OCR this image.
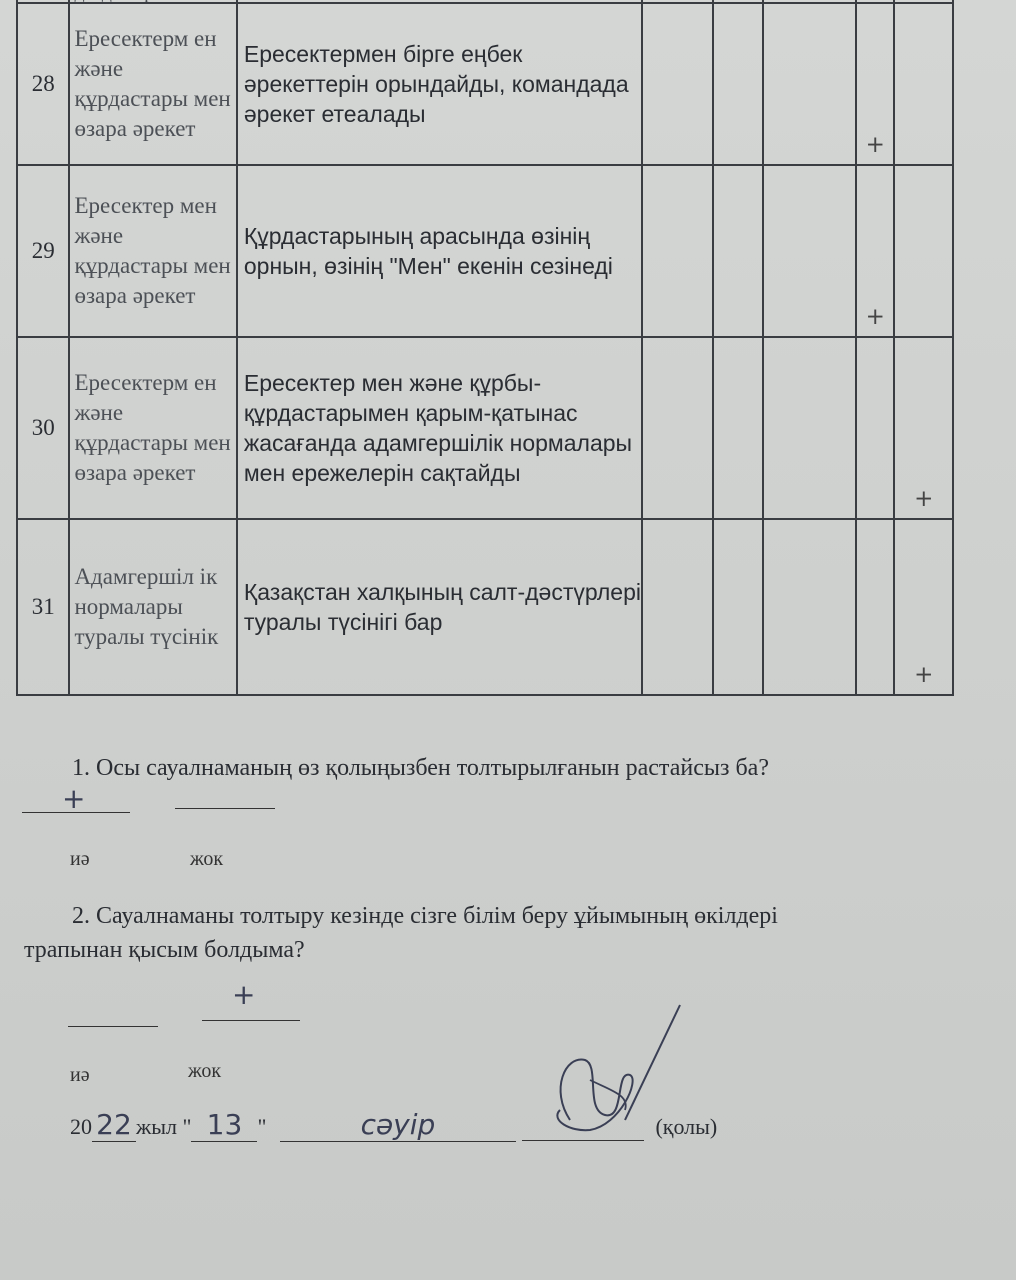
28	Ересектерм ен және құрдастары мен өзара әрекет	Ересектермен бірге еңбек әрекеттерін орындайды, командада әрекет етеалады				+	
29	Ересектер мен және құрдастары мен өзара әрекет	Құрдастарының арасында өзінің орнын, өзінің "Мен" екенін сезінеді				+	
30	Ересектерм ен және құрдастары мен өзара әрекет	Ересектер мен және құрбы-құрдастарымен қарым-қатынас жасағанда адамгершілік нормалары мен ережелерін сақтайды					+
31	Адамгершіл ік нормалары туралы түсінік	Қазақстан халқының салт-дәстүрлері туралы түсінігі бар					+
1. Осы сауалнаманың өз қолыңызбен толтырылғанын растайсыз ба?
+
иә	жок
2. Сауалнаманы толтыру кезінде сізге білім беру ұйымының өкілдері
трапынан қысым болдыма?
+
иә	жок
20 22 жыл " 13 "	сәуір	(қолы)
